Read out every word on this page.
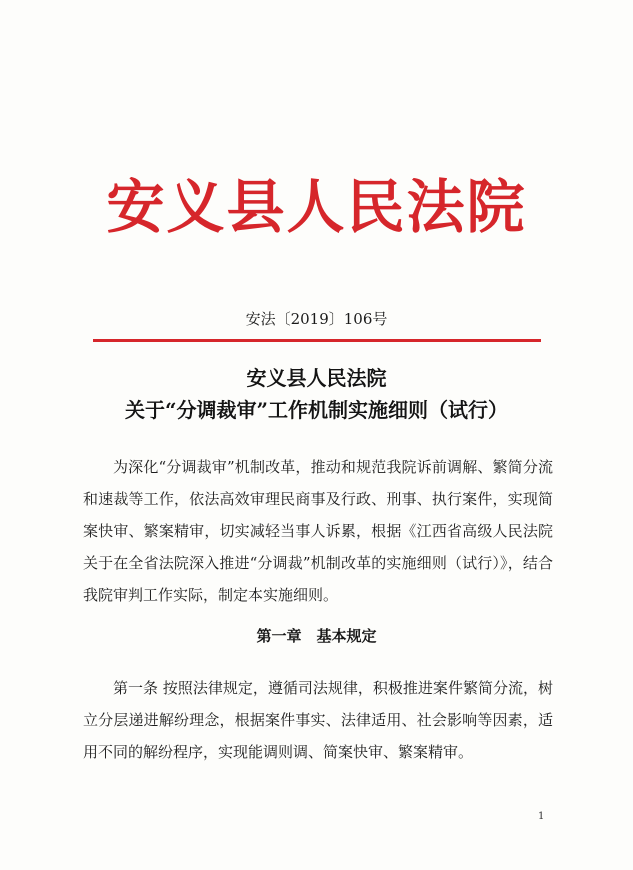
安义县人民法院
安法〔2019〕106号
安义县人民法院
关于“分调裁审”工作机制实施细则（试行）

为深化“分调裁审”机制改革，推动和规范我院诉前调解、繁简分流和速裁等工作，依法高效审理民商事及行政、刑事、执行案件，实现简案快审、繁案精审，切实减轻当事人诉累，根据《江西省高级人民法院关于在全省法院深入推进“分调裁”机制改革的实施细则（试行）》，结合我院审判工作实际，制定本实施细则。

第一章　基本规定

第一条 按照法律规定，遵循司法规律，积极推进案件繁简分流，树立分层递进解纷理念，根据案件事实、法律适用、社会影响等因素，适用不同的解纷程序，实现能调则调、简案快审、繁案精审。

1
